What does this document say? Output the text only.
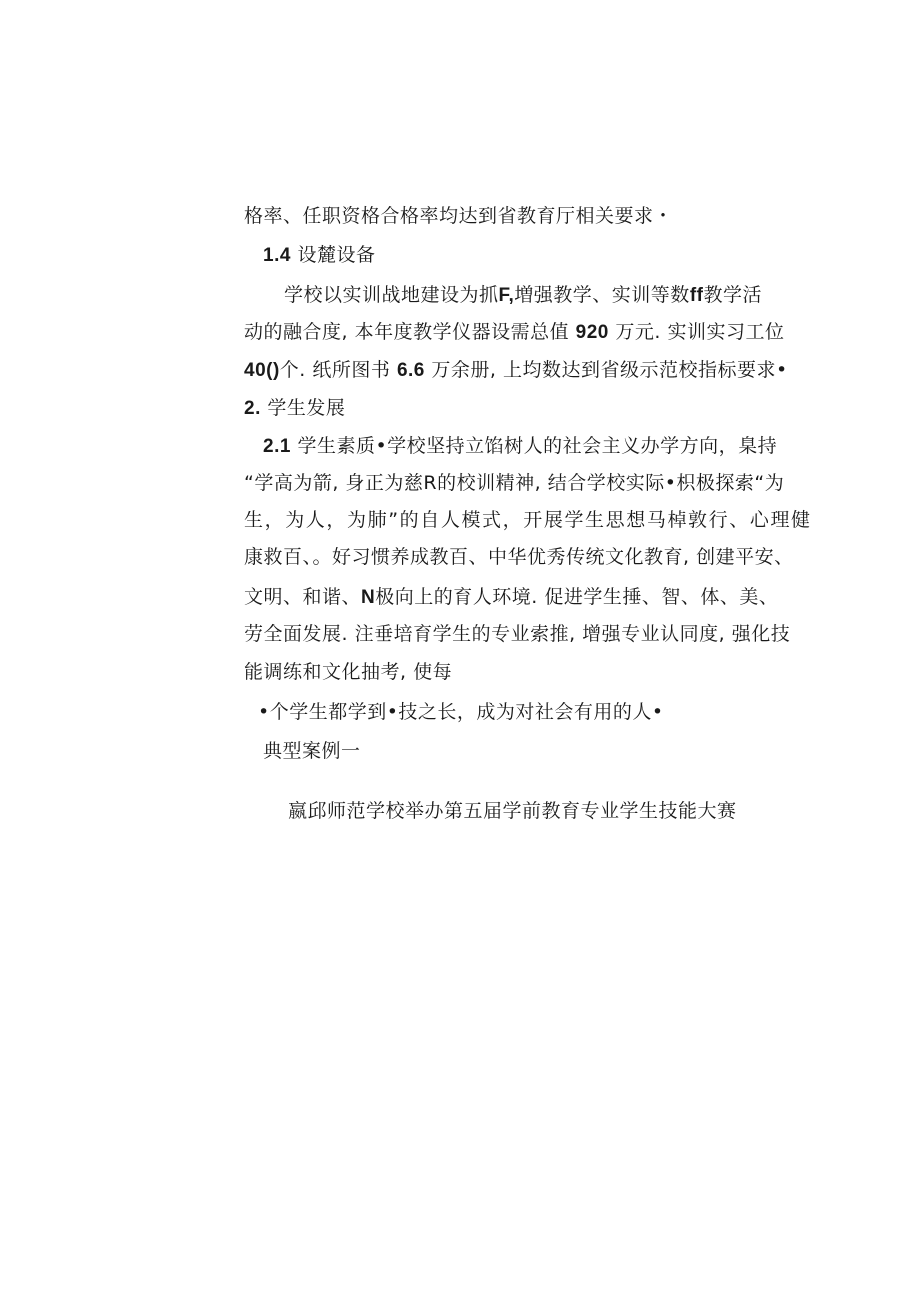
格率、任职资格合格率均达到省教育厅相关要求・
1.4 设麓设备
学校以实训战地建设为抓F,増强教学、实训等数ff教学活
动的融合度, 本年度教学仪器设需总值 920 万元. 实训实习工位
40()个. 纸所图书 6.6 万余册, 上均数达到省级示范校指标要求•
2. 学生发展
2.1 学生素质•学校坚持立馅树人的社会主义办学方向，臬持
“学高为箭, 身正为慈R的校训精神, 结合学校实际•枳极探索“为
生，为人，为肺”的自人模式，开展学生思想马棹敦行、心理健
康救百、。好习惯养成教百、中华优秀传统文化教育, 创建平安、
文明、和谐、N极向上的育人环境. 促进学生捶、智、体、美、
劳全面发展. 注垂培育学生的专业索推, 增强专业认同度, 强化技
能调练和文化抽考, 使每
•个学生都学到•技之长，成为对社会有用的人•
典型案例一
嬴邱师范学校举办第五届学前教育专业学生技能大赛
